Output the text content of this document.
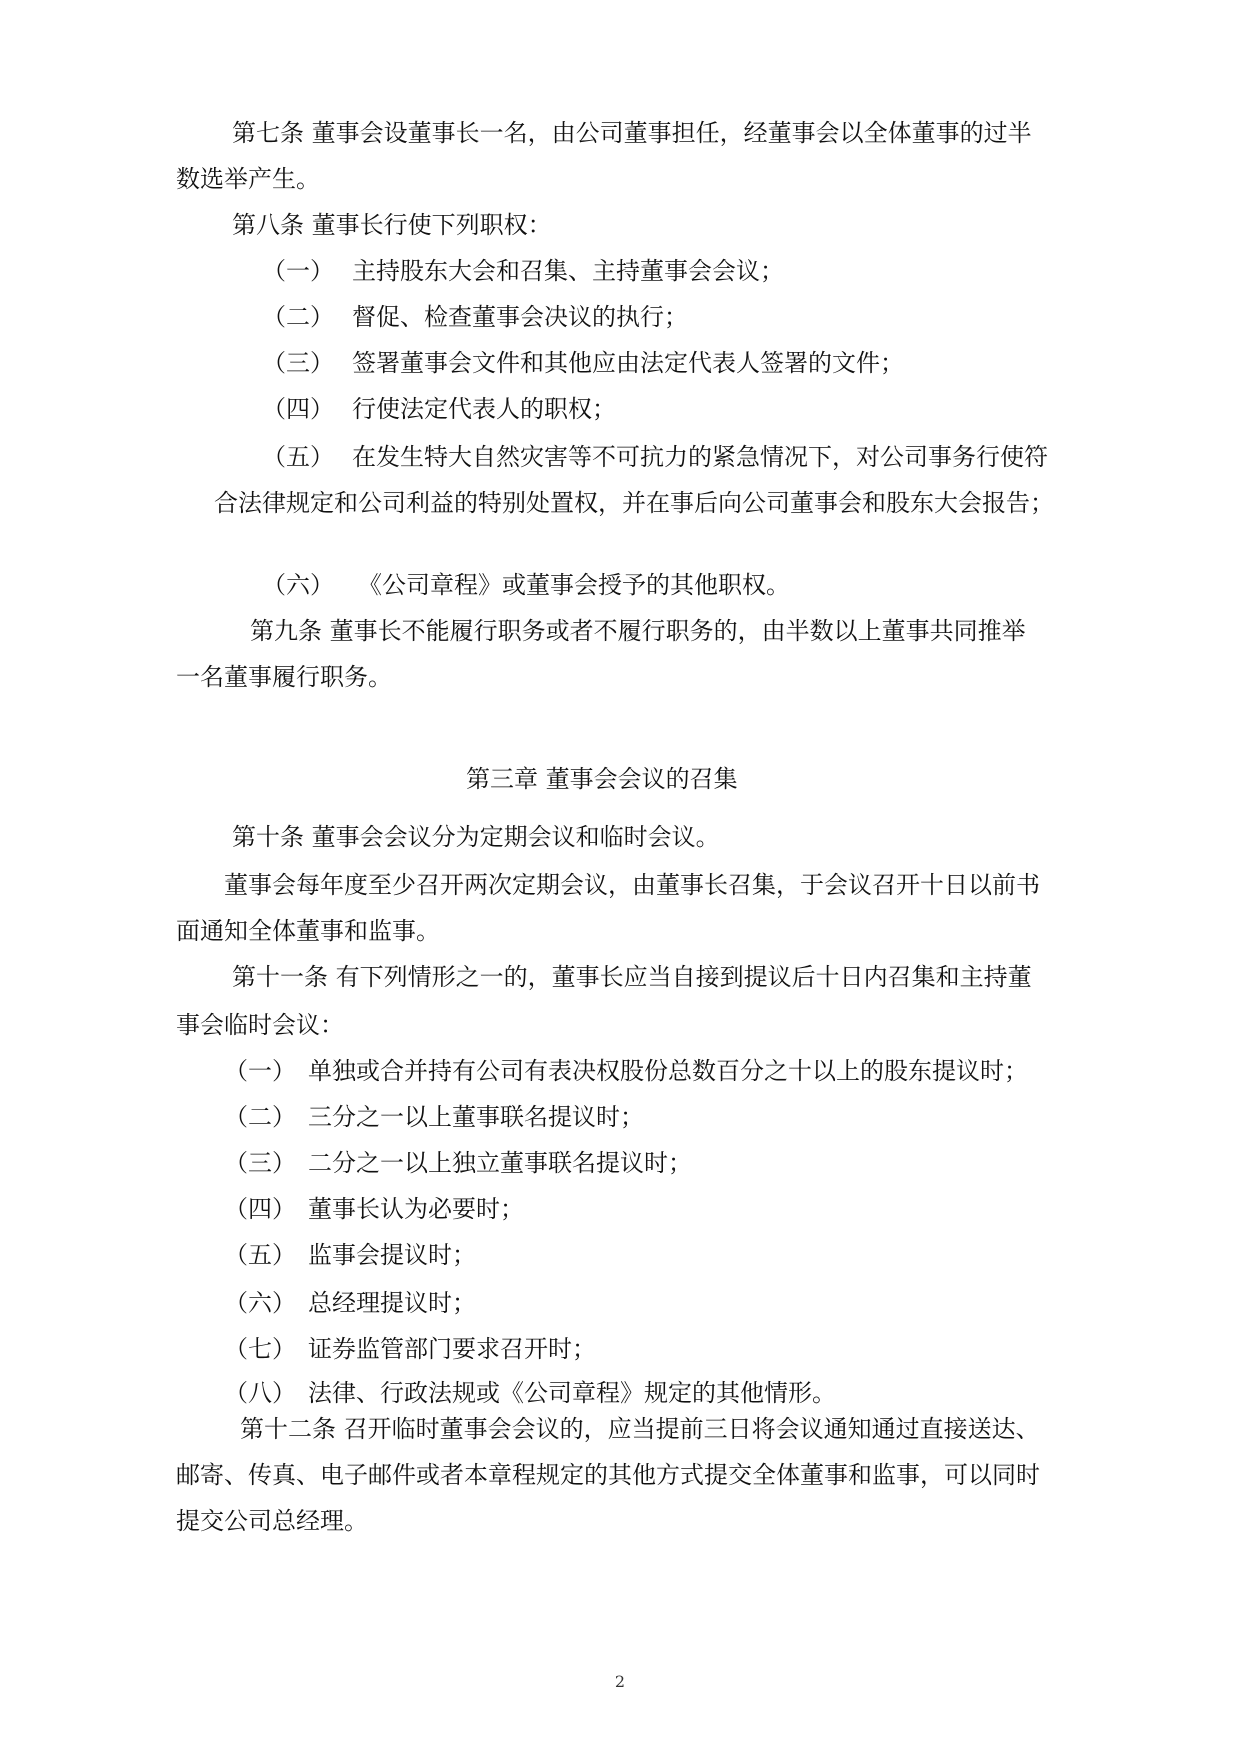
第七条 董事会设董事长一名，由公司董事担任，经董事会以全体董事的过半
数选举产生。
第八条 董事长行使下列职权：
（一） 主持股东大会和召集、主持董事会会议；
（二） 督促、检查董事会决议的执行；
（三） 签署董事会文件和其他应由法定代表人签署的文件；
（四） 行使法定代表人的职权；
（五） 在发生特大自然灾害等不可抗力的紧急情况下，对公司事务行使符
合法律规定和公司利益的特别处置权，并在事后向公司董事会和股东大会报告；
（六） 《公司章程》或董事会授予的其他职权。
第九条 董事长不能履行职务或者不履行职务的，由半数以上董事共同推举
一名董事履行职务。
第三章 董事会会议的召集
第十条 董事会会议分为定期会议和临时会议。
董事会每年度至少召开两次定期会议，由董事长召集，于会议召开十日以前书
面通知全体董事和监事。
第十一条 有下列情形之一的，董事长应当自接到提议后十日内召集和主持董
事会临时会议：
（一） 单独或合并持有公司有表决权股份总数百分之十以上的股东提议时；
（二） 三分之一以上董事联名提议时；
（三） 二分之一以上独立董事联名提议时；
（四） 董事长认为必要时；
（五） 监事会提议时；
（六） 总经理提议时；
（七） 证券监管部门要求召开时；
（八） 法律、行政法规或《公司章程》规定的其他情形。
第十二条 召开临时董事会会议的，应当提前三日将会议通知通过直接送达、
邮寄、传真、电子邮件或者本章程规定的其他方式提交全体董事和监事，可以同时
提交公司总经理。
2
